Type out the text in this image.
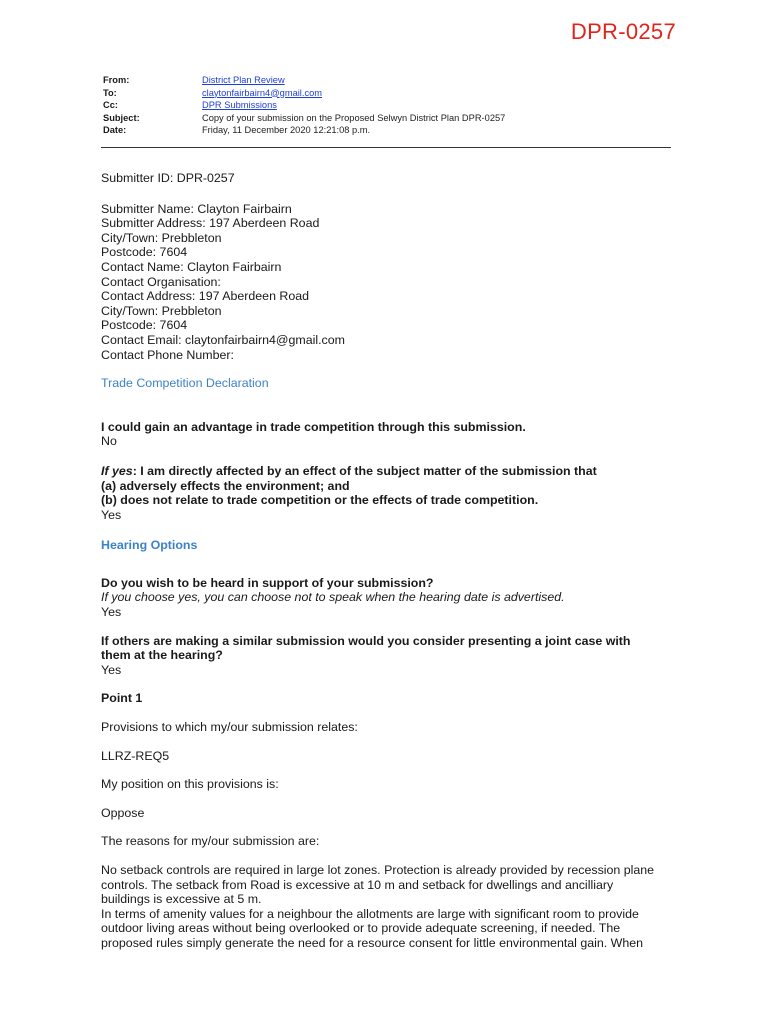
DPR-0257
From:	District Plan Review
To:	claytonfairbairn4@gmail.com
Cc:	DPR Submissions
Subject:	Copy of your submission on the Proposed Selwyn District Plan DPR-0257
Date:	Friday, 11 December 2020 12:21:08 p.m.

Submitter ID: DPR-0257

Submitter Name: Clayton Fairbairn

Submitter Address: 197 Aberdeen Road

City/Town: Prebbleton

Postcode: 7604

Contact Name: Clayton Fairbairn

Contact Organisation:

Contact Address: 197 Aberdeen Road

City/Town: Prebbleton

Postcode: 7604

Contact Email: claytonfairbairn4@gmail.com

Contact Phone Number:

Trade Competition Declaration

I could gain an advantage in trade competition through this submission.

No

If yes: I am directly affected by an effect of the subject matter of the submission that

(a) adversely effects the environment; and

(b) does not relate to trade competition or the effects of trade competition.

Yes

Hearing Options

Do you wish to be heard in support of your submission?

If you choose yes, you can choose not to speak when the hearing date is advertised.

Yes

If others are making a similar submission would you consider presenting a joint case with

them at the hearing?

Yes

Point 1

Provisions to which my/our submission relates:

LLRZ-REQ5

My position on this provisions is:

Oppose

The reasons for my/our submission are:

No setback controls are required in large lot zones. Protection is already provided by recession plane

controls. The setback from Road is excessive at 10 m and setback for dwellings and ancilliary

buildings is excessive at 5 m.

In terms of amenity values for a neighbour the allotments are large with significant room to provide

outdoor living areas without being overlooked or to provide adequate screening, if needed. The

proposed rules simply generate the need for a resource consent for little environmental gain. When
